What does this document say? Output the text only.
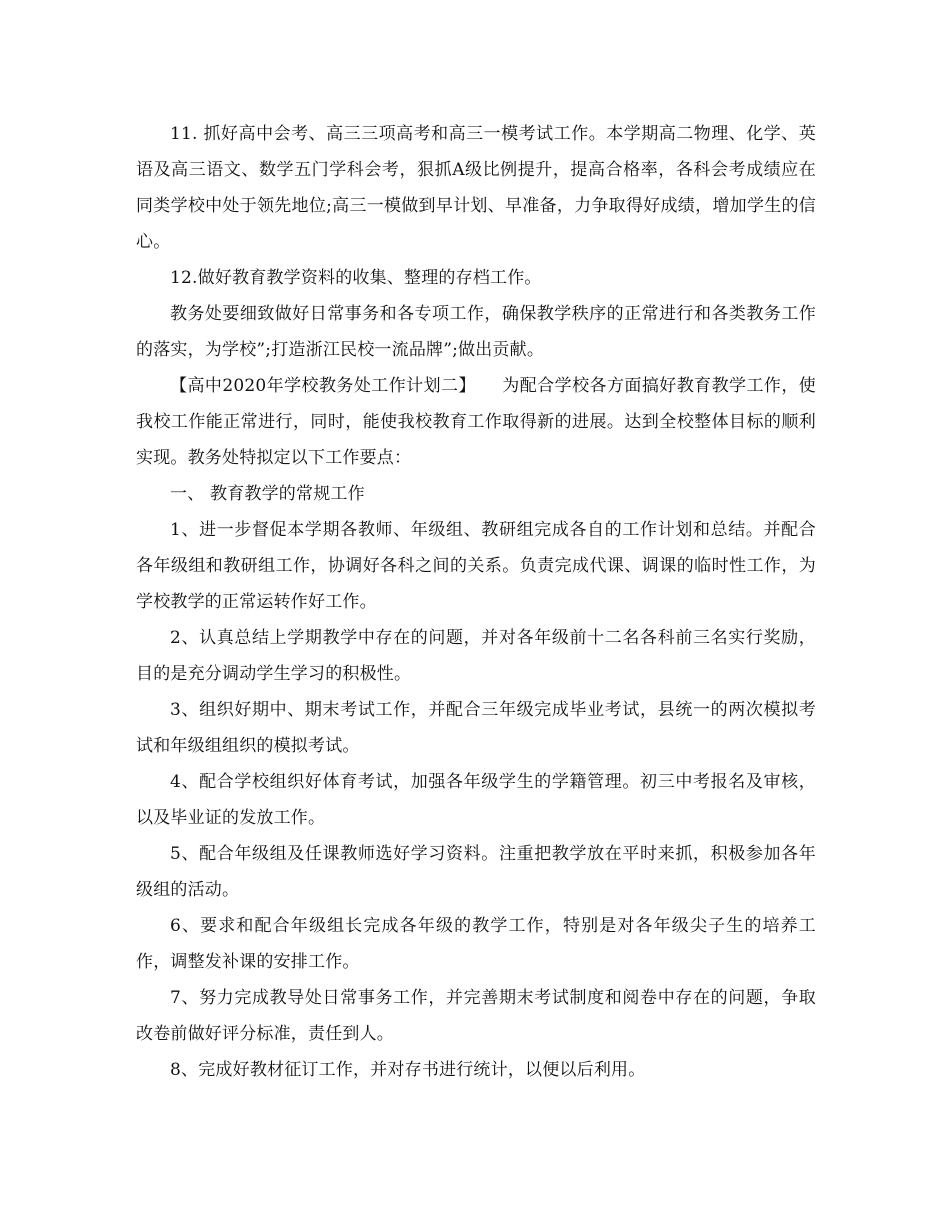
11. 抓好高中会考、高三三项高考和高三一模考试工作。本学期高二物理、化学、英语及高三语文、数学五门学科会考，狠抓A级比例提升，提高合格率，各科会考成绩应在同类学校中处于领先地位;高三一模做到早计划、早准备，力争取得好成绩，增加学生的信心。

12.做好教育教学资料的收集、整理的存档工作。

教务处要细致做好日常事务和各专项工作，确保教学秩序的正常进行和各类教务工作的落实，为学校”;打造浙江民校一流品牌”;做出贡献。

【高中2020年学校教务处工作计划二】　　为配合学校各方面搞好教育教学工作，使我校工作能正常进行，同时，能使我校教育工作取得新的进展。达到全校整体目标的顺利实现。教务处特拟定以下工作要点：

一、 教育教学的常规工作

1、进一步督促本学期各教师、年级组、教研组完成各自的工作计划和总结。并配合各年级组和教研组工作，协调好各科之间的关系。负责完成代课、调课的临时性工作，为学校教学的正常运转作好工作。

2、认真总结上学期教学中存在的问题，并对各年级前十二名各科前三名实行奖励，目的是充分调动学生学习的积极性。

3、组织好期中、期末考试工作，并配合三年级完成毕业考试，县统一的两次模拟考试和年级组组织的模拟考试。

4、配合学校组织好体育考试，加强各年级学生的学籍管理。初三中考报名及审核，以及毕业证的发放工作。

5、配合年级组及任课教师选好学习资料。注重把教学放在平时来抓，积极参加各年级组的活动。

6、要求和配合年级组长完成各年级的教学工作，特别是对各年级尖子生的培养工作，调整发补课的安排工作。

7、努力完成教导处日常事务工作，并完善期末考试制度和阅卷中存在的问题，争取改卷前做好评分标准，责任到人。

8、完成好教材征订工作，并对存书进行统计，以便以后利用。
